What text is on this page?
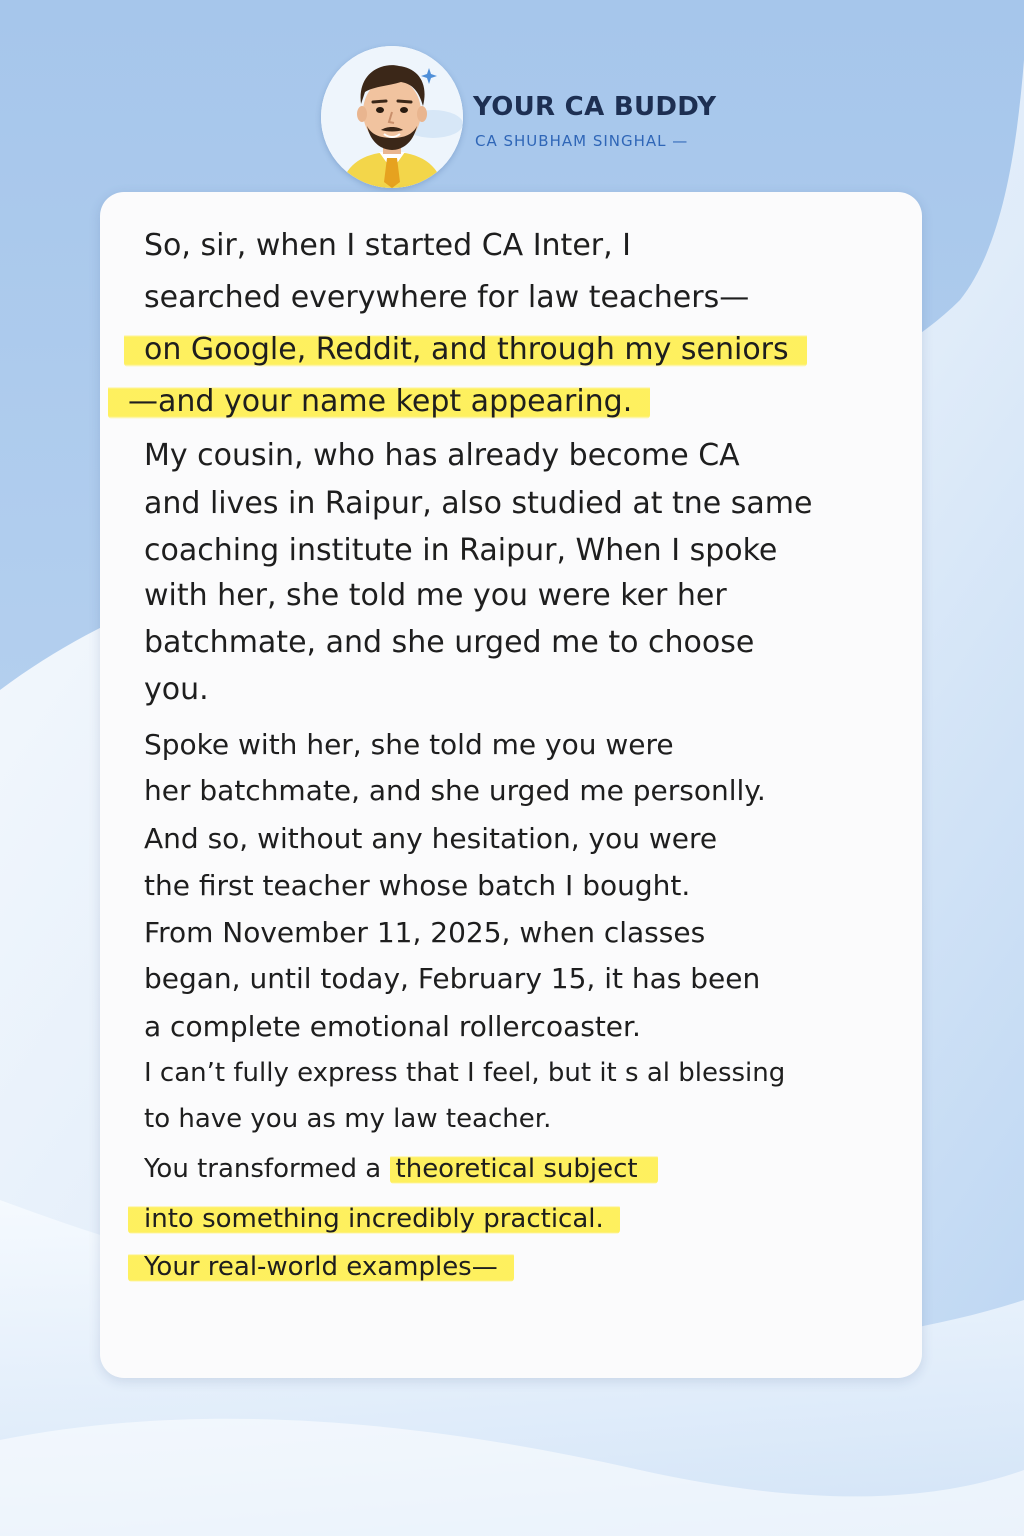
YOUR CA BUDDY
CA SHUBHAM SINGHAL —

So, sir, when I started CA Inter, I

searched everywhere for law teachers—

on Google, Reddit, and through my seniors

—and your name kept appearing.

My cousin, who has already become CA

and lives in Raipur, also studied at tne same

coaching institute in Raipur, When I spoke

with her, she told me you were ker her

batchmate, and she urged me to choose

you.

Spoke with her, she told me you were

her batchmate, and she urged me personlly.

And so, without any hesitation, you were

the first teacher whose batch I bought.

From November 11, 2025, when classes

began, until today, February 15, it has been

a complete emotional rollercoaster.

I can’t fully express that I feel, but it s al blessing

to have you as my law teacher.

You transformed a theoretical subject

into something incredibly practical.

Your real-world examples—
